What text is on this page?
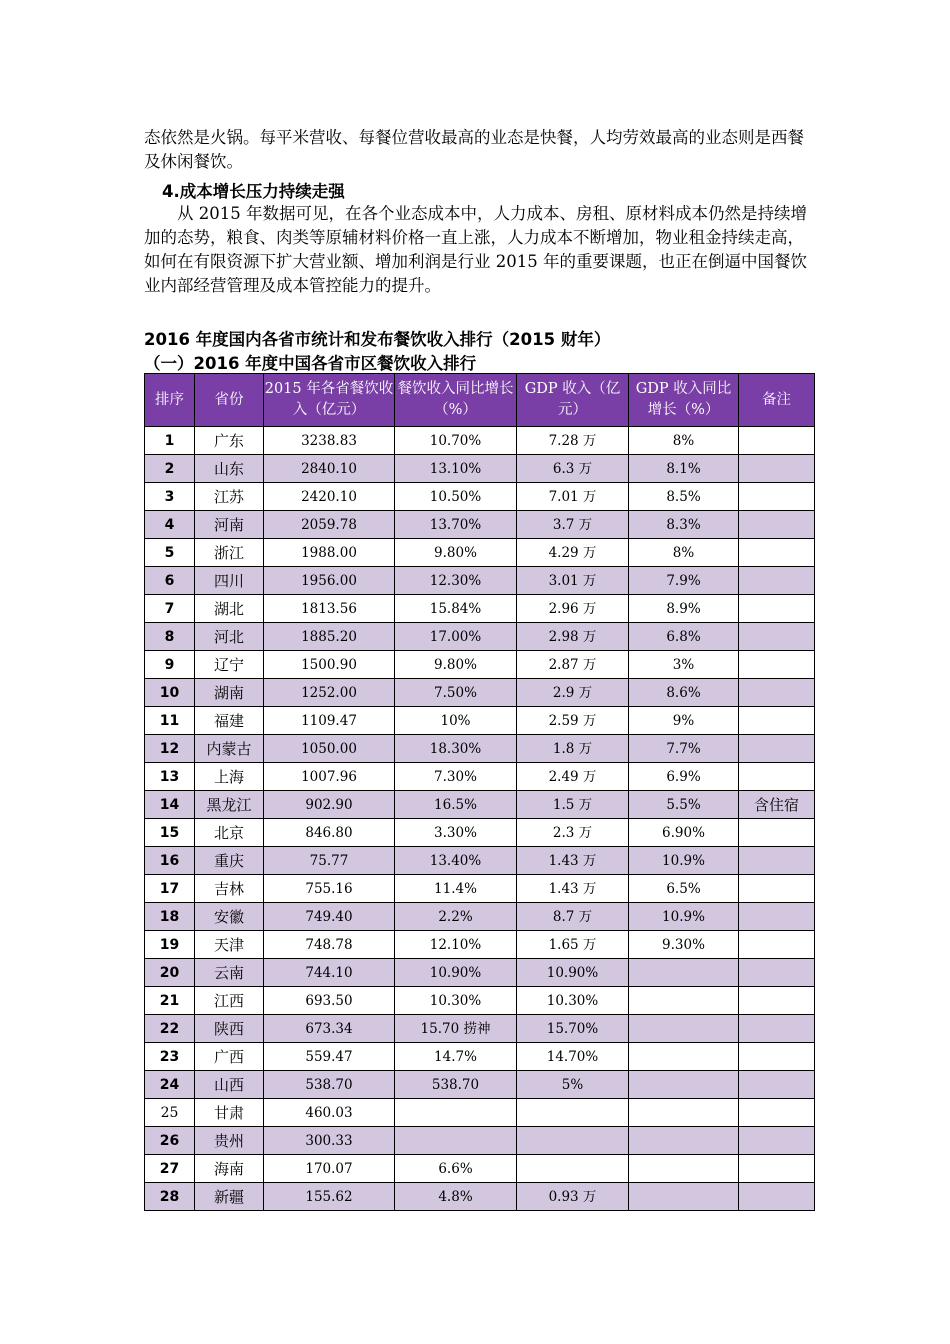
态依然是火锅。每平米营收、每餐位营收最高的业态是快餐，人均劳效最高的业态则是西餐及休闲餐饮。

4.成本增长压力持续走强

从 2015 年数据可见，在各个业态成本中，人力成本、房租、原材料成本仍然是持续增加的态势，粮食、肉类等原辅材料价格一直上涨，人力成本不断增加，物业租金持续走高，如何在有限资源下扩大营业额、增加利润是行业 2015 年的重要课题，也正在倒逼中国餐饮业内部经营管理及成本管控能力的提升。

2016 年度国内各省市统计和发布餐饮收入排行（2015 财年）
（一）2016 年度中国各省市区餐饮收入排行
排序	省份	2015 年各省餐饮收入（亿元）	餐饮收入同比增长（%）	GDP 收入（亿元）	GDP 收入同比增长（%）	备注
1	广东	3238.83	10.70%	7.28 万	8%	
2	山东	2840.10	13.10%	6.3 万	8.1%	
3	江苏	2420.10	10.50%	7.01 万	8.5%	
4	河南	2059.78	13.70%	3.7 万	8.3%	
5	浙江	1988.00	9.80%	4.29 万	8%	
6	四川	1956.00	12.30%	3.01 万	7.9%	
7	湖北	1813.56	15.84%	2.96 万	8.9%	
8	河北	1885.20	17.00%	2.98 万	6.8%	
9	辽宁	1500.90	9.80%	2.87 万	3%	
10	湖南	1252.00	7.50%	2.9 万	8.6%	
11	福建	1109.47	10%	2.59 万	9%	
12	内蒙古	1050.00	18.30%	1.8 万	7.7%	
13	上海	1007.96	7.30%	2.49 万	6.9%	
14	黑龙江	902.90	16.5%	1.5 万	5.5%	含住宿
15	北京	846.80	3.30%	2.3 万	6.90%	
16	重庆	75.77	13.40%	1.43 万	10.9%	
17	吉林	755.16	11.4%	1.43 万	6.5%	
18	安徽	749.40	2.2%	8.7 万	10.9%	
19	天津	748.78	12.10%	1.65 万	9.30%	
20	云南	744.10	10.90%	10.90%		
21	江西	693.50	10.30%	10.30%		
22	陕西	673.34	15.70 捞神	15.70%		
23	广西	559.47	14.7%	14.70%		
24	山西	538.70	538.70	5%		
25	甘肃	460.03				
26	贵州	300.33				
27	海南	170.07	6.6%			
28	新疆	155.62	4.8%	0.93 万		
